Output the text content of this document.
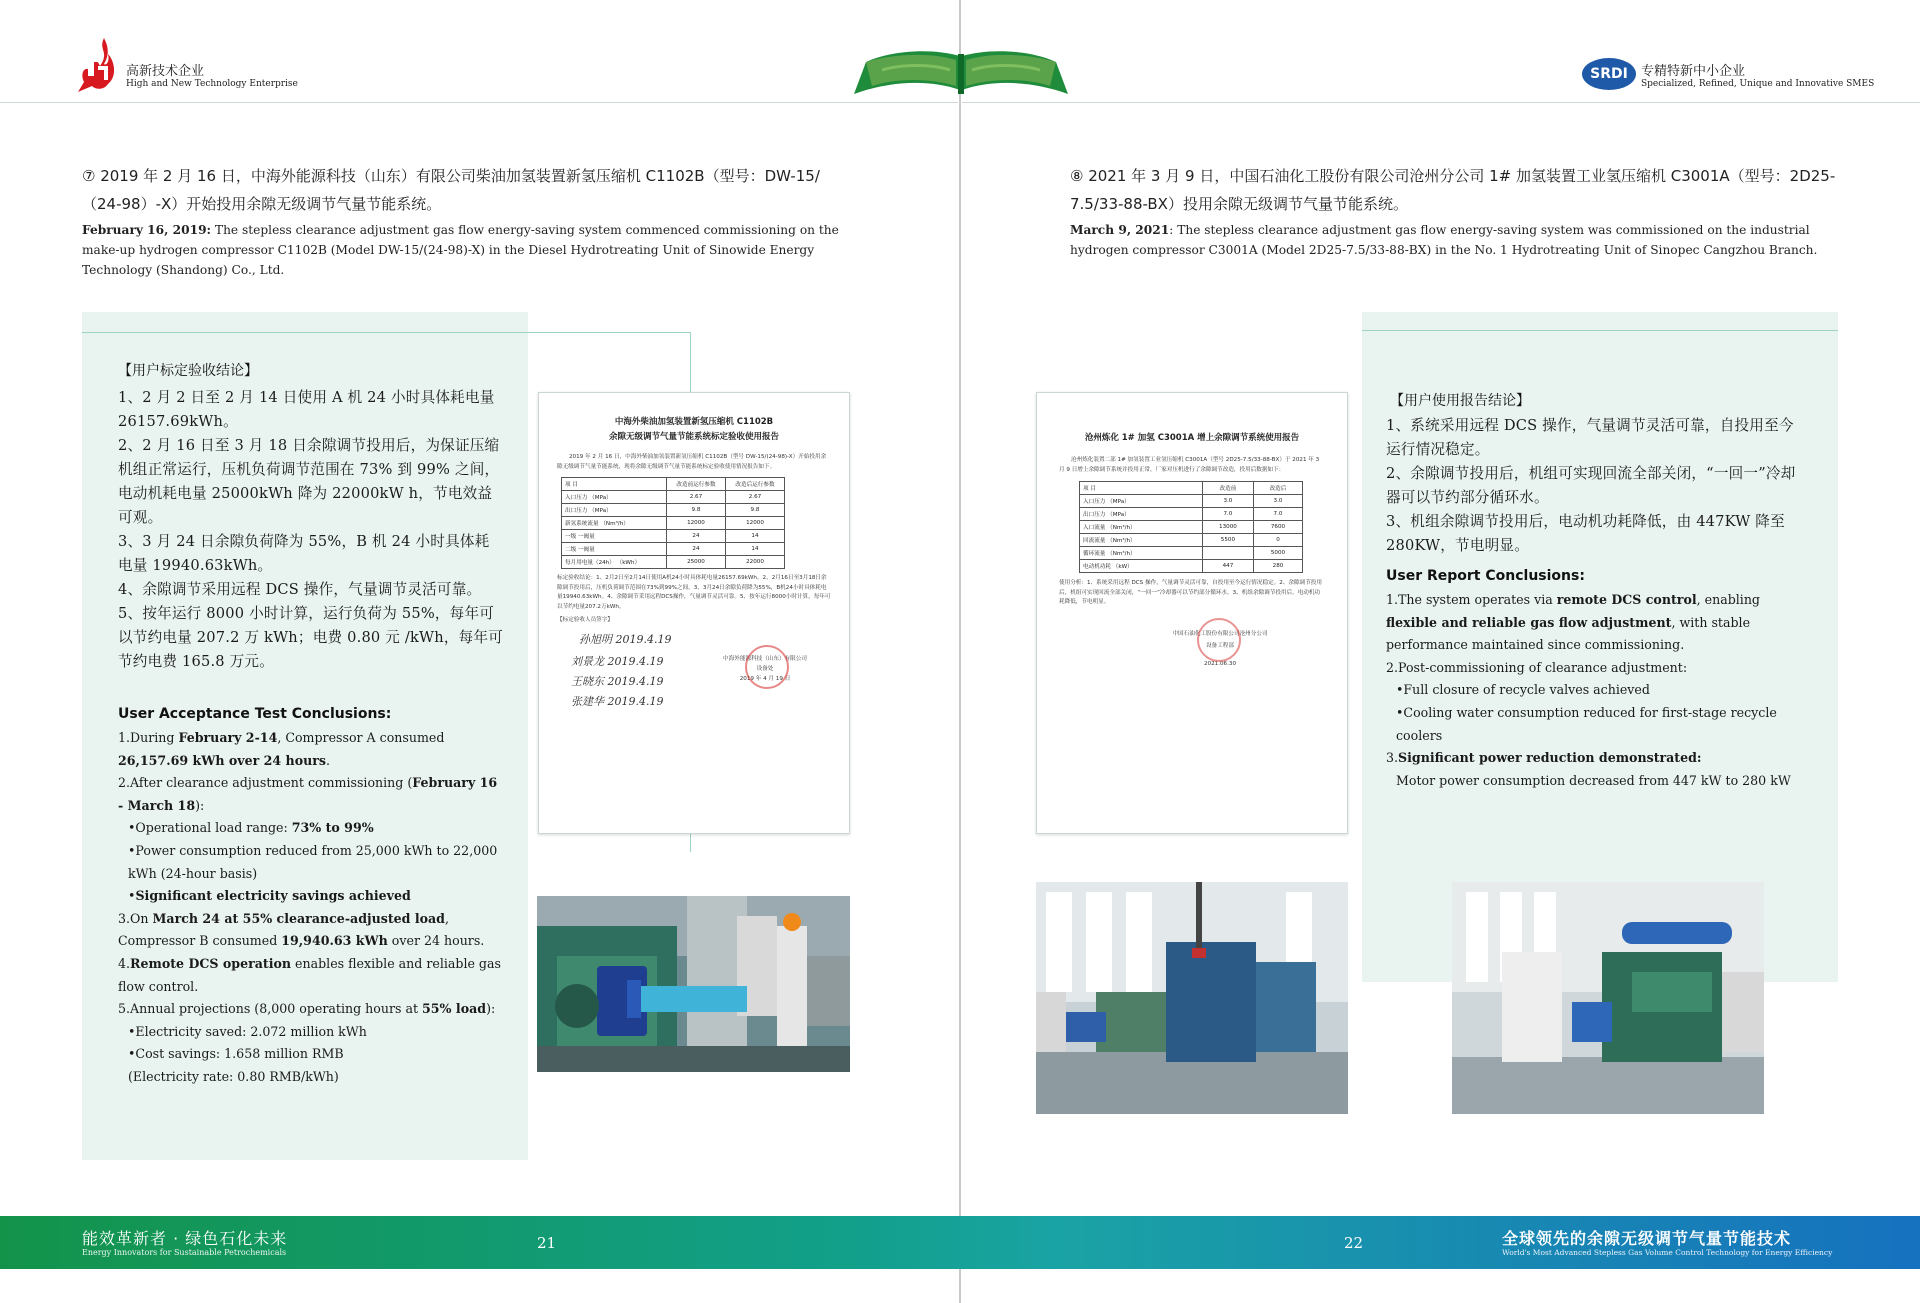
高新技术企业
High and New Technology Enterprise
SRDI	专精特新中小企业
Specialized, Refined, Unique and Innovative SMES
⑦ 2019 年 2 月 16 日，中海外能源科技（山东）有限公司柴油加氢装置新氢压缩机 C1102B（型号：DW-15/（24-98）-X）开始投用余隙无级调节气量节能系统。
February 16, 2019: The stepless clearance adjustment gas flow energy-saving system commenced commissioning on the make-up hydrogen compressor C1102B (Model DW-15/(24-98)-X) in the Diesel Hydrotreating Unit of Sinowide Energy Technology (Shandong) Co., Ltd.
【用户标定验收结论】
1、2 月 2 日至 2 月 14 日使用 A 机 24 小时具体耗电量 26157.69kWh。
2、2 月 16 日至 3 月 18 日余隙调节投用后，为保证压缩机组正常运行，压机负荷调节范围在 73% 到 99% 之间，电动机耗电量 25000kWh 降为 22000kW h，节电效益可观。
3、3 月 24 日余隙负荷降为 55%，B 机 24 小时具体耗电量 19940.63kWh。
4、余隙调节采用远程 DCS 操作，气量调节灵活可靠。
5、按年运行 8000 小时计算，运行负荷为 55%，每年可以节约电量 207.2 万 kWh；电费 0.80 元 /kWh，每年可节约电费 165.8 万元。
User Acceptance Test Conclusions:
1.During February 2-14, Compressor A consumed 26,157.69 kWh over 24 hours.
2.After clearance adjustment commissioning (February 16 - March 18):
•Operational load range: 73% to 99%
•Power consumption reduced from 25,000 kWh to 22,000 kWh (24-hour basis)
•Significant electricity savings achieved
3.On March 24 at 55% clearance-adjusted load, Compressor B consumed 19,940.63 kWh over 24 hours.
4.Remote DCS operation enables flexible and reliable gas flow control.
5.Annual projections (8,000 operating hours at 55% load):
•Electricity saved: 2.072 million kWh
•Cost savings: 1.658 million RMB
(Electricity rate: 0.80 RMB/kWh)
中海外柴油加氢装置新氢压缩机 C1102B
余隙无级调节气量节能系统标定验收使用报告
2019 年 2 月 16 日，中海外柴油加氢装置新氢压缩机 C1102B（型号 DW-15/(24-98)-X）开始投用余隙无级调节气量节能系统，现将余隙无级调节气量节能系统标定验收使用情况报告如下。
项 目	改造前运行参数	改造后运行参数
入口压力 （MPa）	2.67	2.67
出口压力 （MPa）	9.8	9.8
新氢系统流量 （Nm³/h）	12000	12000
一级 一阀量	24	14
二级 一阀量	24	14
每月用电量（24h） （kWh）	25000	22000
标定验收结论：1、2月2日至2月14日使用A机24小时具体耗电量26157.69kWh。2、2月16日至3月18日余隙调节投用后，压机负荷调节范围在73%到99%之间。3、3月24日余隙负荷降为55%，B机24小时具体耗电量19940.63kWh。4、余隙调节采用远程DCS操作，气量调节灵活可靠。5、按年运行8000小时计算，每年可以节约电量207.2万kWh。
【标定验收人员签字】
孙旭明 2019.4.19
刘景龙 2019.4.19
王晓东 2019.4.19
张建华 2019.4.19
中海外能源科技（山东）有限公司
设备处
2019 年 4 月 19 日
⑧ 2021 年 3 月 9 日，中国石油化工股份有限公司沧州分公司 1# 加氢装置工业氢压缩机 C3001A（型号：2D25-7.5/33-88-BX）投用余隙无级调节气量节能系统。
March 9, 2021: The stepless clearance adjustment gas flow energy-saving system was commissioned on the industrial hydrogen compressor C3001A (Model 2D25-7.5/33-88-BX) in the No. 1 Hydrotreating Unit of Sinopec Cangzhou Branch.
【用户使用报告结论】
1、系统采用远程 DCS 操作，气量调节灵活可靠，自投用至今运行情况稳定。
2、余隙调节投用后，机组可实现回流全部关闭，“一回一”冷却器可以节约部分循环水。
3、机组余隙调节投用后，电动机功耗降低，由 447KW 降至 280KW，节电明显。
User Report Conclusions:
1.The system operates via remote DCS control, enabling flexible and reliable gas flow adjustment, with stable performance maintained since commissioning.
2.Post-commissioning of clearance adjustment:
•Full closure of recycle valves achieved
•Cooling water consumption reduced for first-stage recycle coolers
3.Significant power reduction demonstrated:
Motor power consumption decreased from 447 kW to 280 kW
沧州炼化 1# 加氢 C3001A 增上余隙调节系统使用报告
沧州炼化装置二部 1# 加氢装置工业氢压缩机 C3001A（型号 2D25-7.5/33-88-BX）于 2021 年 3 月 9 日增上余隙调节系统并投用正常，厂家对压机进行了余隙调节改造，投用后数据如下：
项 目	改造前	改造后
入口压力 （MPa）	3.0	3.0
出口压力 （MPa）	7.0	7.0
入口流量 （Nm³/h）	13000	7600
回流流量 （Nm³/h）	5500	0
循环流量 （Nm³/h）		5000
电动机功耗 （kW）	447	280
使用分析：1、系统采用远程 DCS 操作，气量调节灵活可靠，自投用至今运行情况稳定。2、余隙调节投用后，机组可实现回流全部关闭，“一回一”冷却器可以节约部分循环水。3、机组余隙调节投用后，电动机功耗降低，节电明显。
中国石油化工股份有限公司沧州分公司
设备工程部
2021.06.30
能效革新者 · 绿色石化未来
Energy Innovators for Sustainable Petrochemicals
21	22	全球领先的余隙无级调节气量节能技术
World's Most Advanced Stepless Gas Volume Control Technology for Energy Efficiency
